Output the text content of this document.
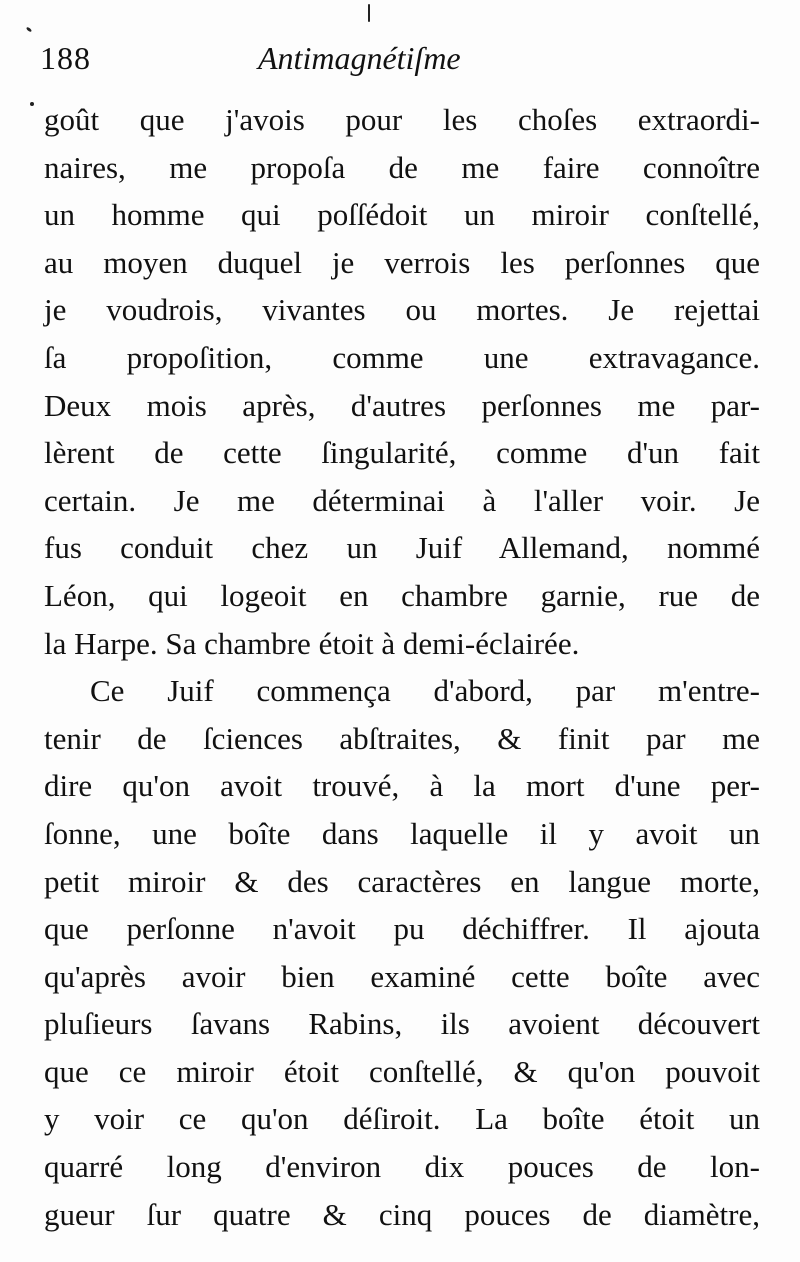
188	Antimagnétiſme
goût que j'avois pour les choſes extraordi-
naires, me propoſa de me faire connoître
un homme qui poſſédoit un miroir conſtellé,
au moyen duquel je verrois les perſonnes que
je voudrois, vivantes ou mortes. Je rejettai
ſa propoſition, comme une extravagance.
Deux mois après, d'autres perſonnes me par-
lèrent de cette ſingularité, comme d'un fait
certain. Je me déterminai à l'aller voir. Je
fus conduit chez un Juif Allemand, nommé
Léon, qui logeoit en chambre garnie, rue de
la Harpe. Sa chambre étoit à demi-éclairée.
Ce Juif commença d'abord, par m'entre-
tenir de ſciences abſtraites, & finit par me
dire qu'on avoit trouvé, à la mort d'une per-
ſonne, une boîte dans laquelle il y avoit un
petit miroir & des caractères en langue morte,
que perſonne n'avoit pu déchiffrer. Il ajouta
qu'après avoir bien examiné cette boîte avec
pluſieurs ſavans Rabins, ils avoient découvert
que ce miroir étoit conſtellé, & qu'on pouvoit
y voir ce qu'on déſiroit. La boîte étoit un
quarré long d'environ dix pouces de lon-
gueur ſur quatre & cinq pouces de diamètre,
